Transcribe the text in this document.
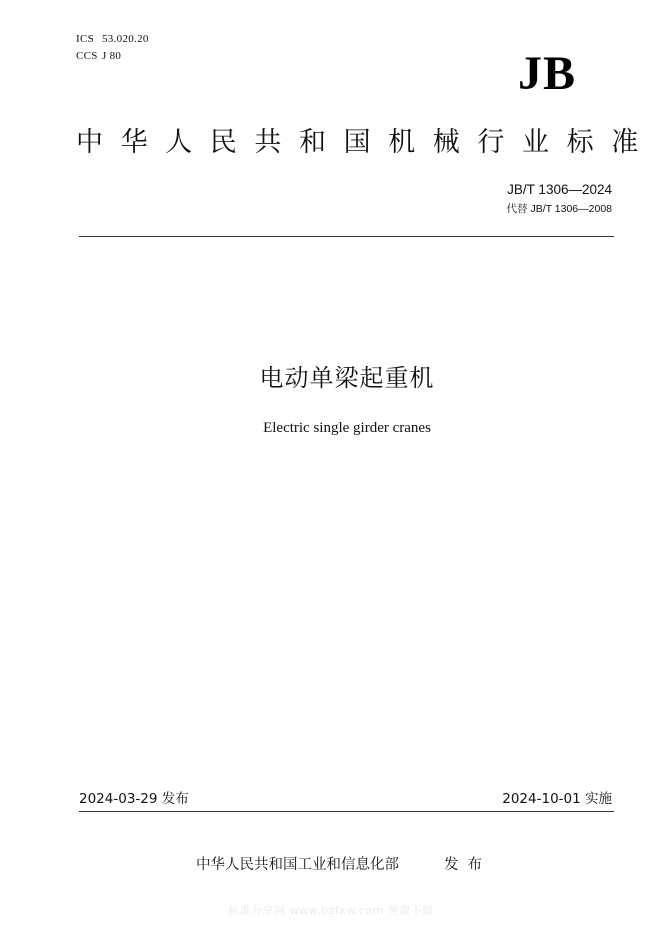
ICS 53.020.20
CCS J 80	JB
中华人民共和国机械行业标准
JB/T 1306—2024
代替 JB/T 1306—2008
电动单梁起重机
Electric single girder cranes
2024-03-29 发布	2024-10-01 实施
中华人民共和国工业和信息化部	发布
标准分享网 www.bzfxw.com 免费下载
